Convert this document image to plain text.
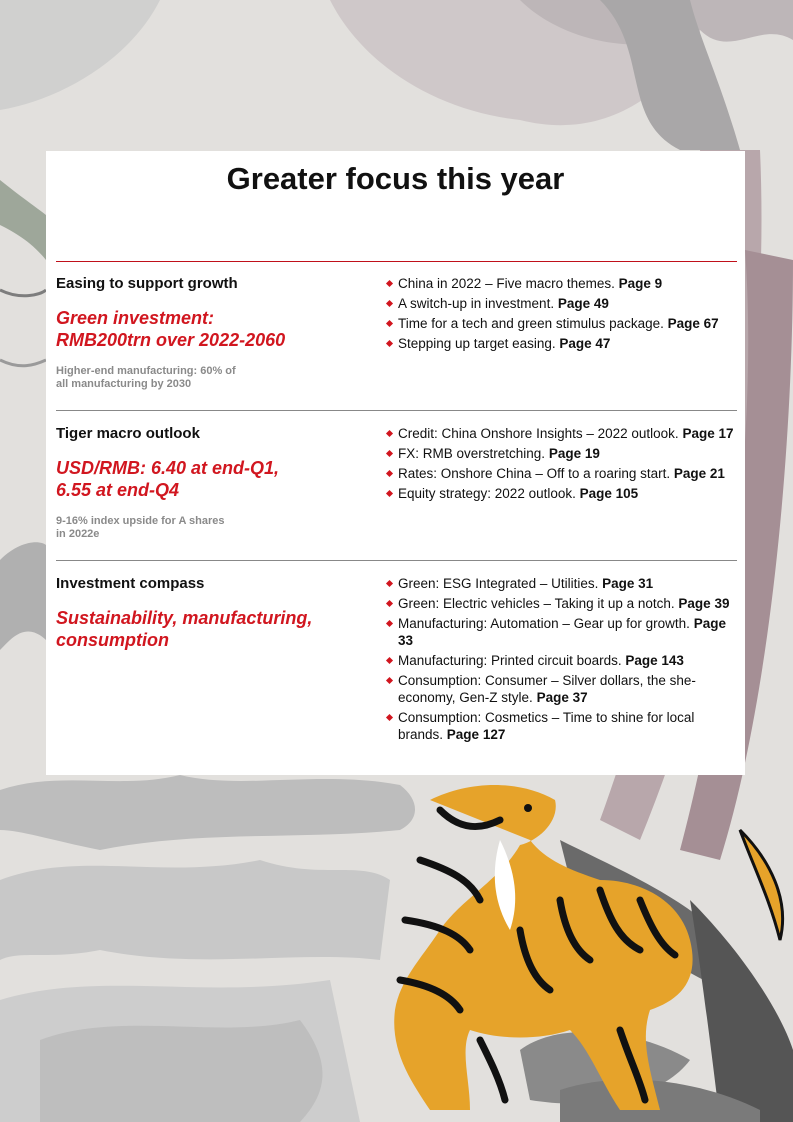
Greater focus this year
Easing to support growth
Green investment:
RMB200trn over 2022-2060
Higher-end manufacturing: 60% of
all manufacturing by 2030
China in 2022 – Five macro themes. Page 9
A switch-up in investment. Page 49
Time for a tech and green stimulus package. Page 67
Stepping up target easing. Page 47
Tiger macro outlook
USD/RMB: 6.40 at end-Q1,
6.55 at end-Q4
9-16% index upside for A shares
in 2022e
Credit: China Onshore Insights – 2022 outlook. Page 17
FX: RMB overstretching. Page 19
Rates: Onshore China – Off to a roaring start. Page 21
Equity strategy: 2022 outlook. Page 105
Investment compass
Sustainability, manufacturing,
consumption
Green: ESG Integrated – Utilities. Page 31
Green: Electric vehicles – Taking it up a notch. Page 39
Manufacturing: Automation – Gear up for growth. Page 33
Manufacturing: Printed circuit boards. Page 143
Consumption: Consumer – Silver dollars, the she-economy, Gen-Z style. Page 37
Consumption: Cosmetics – Time to shine for local brands. Page 127
